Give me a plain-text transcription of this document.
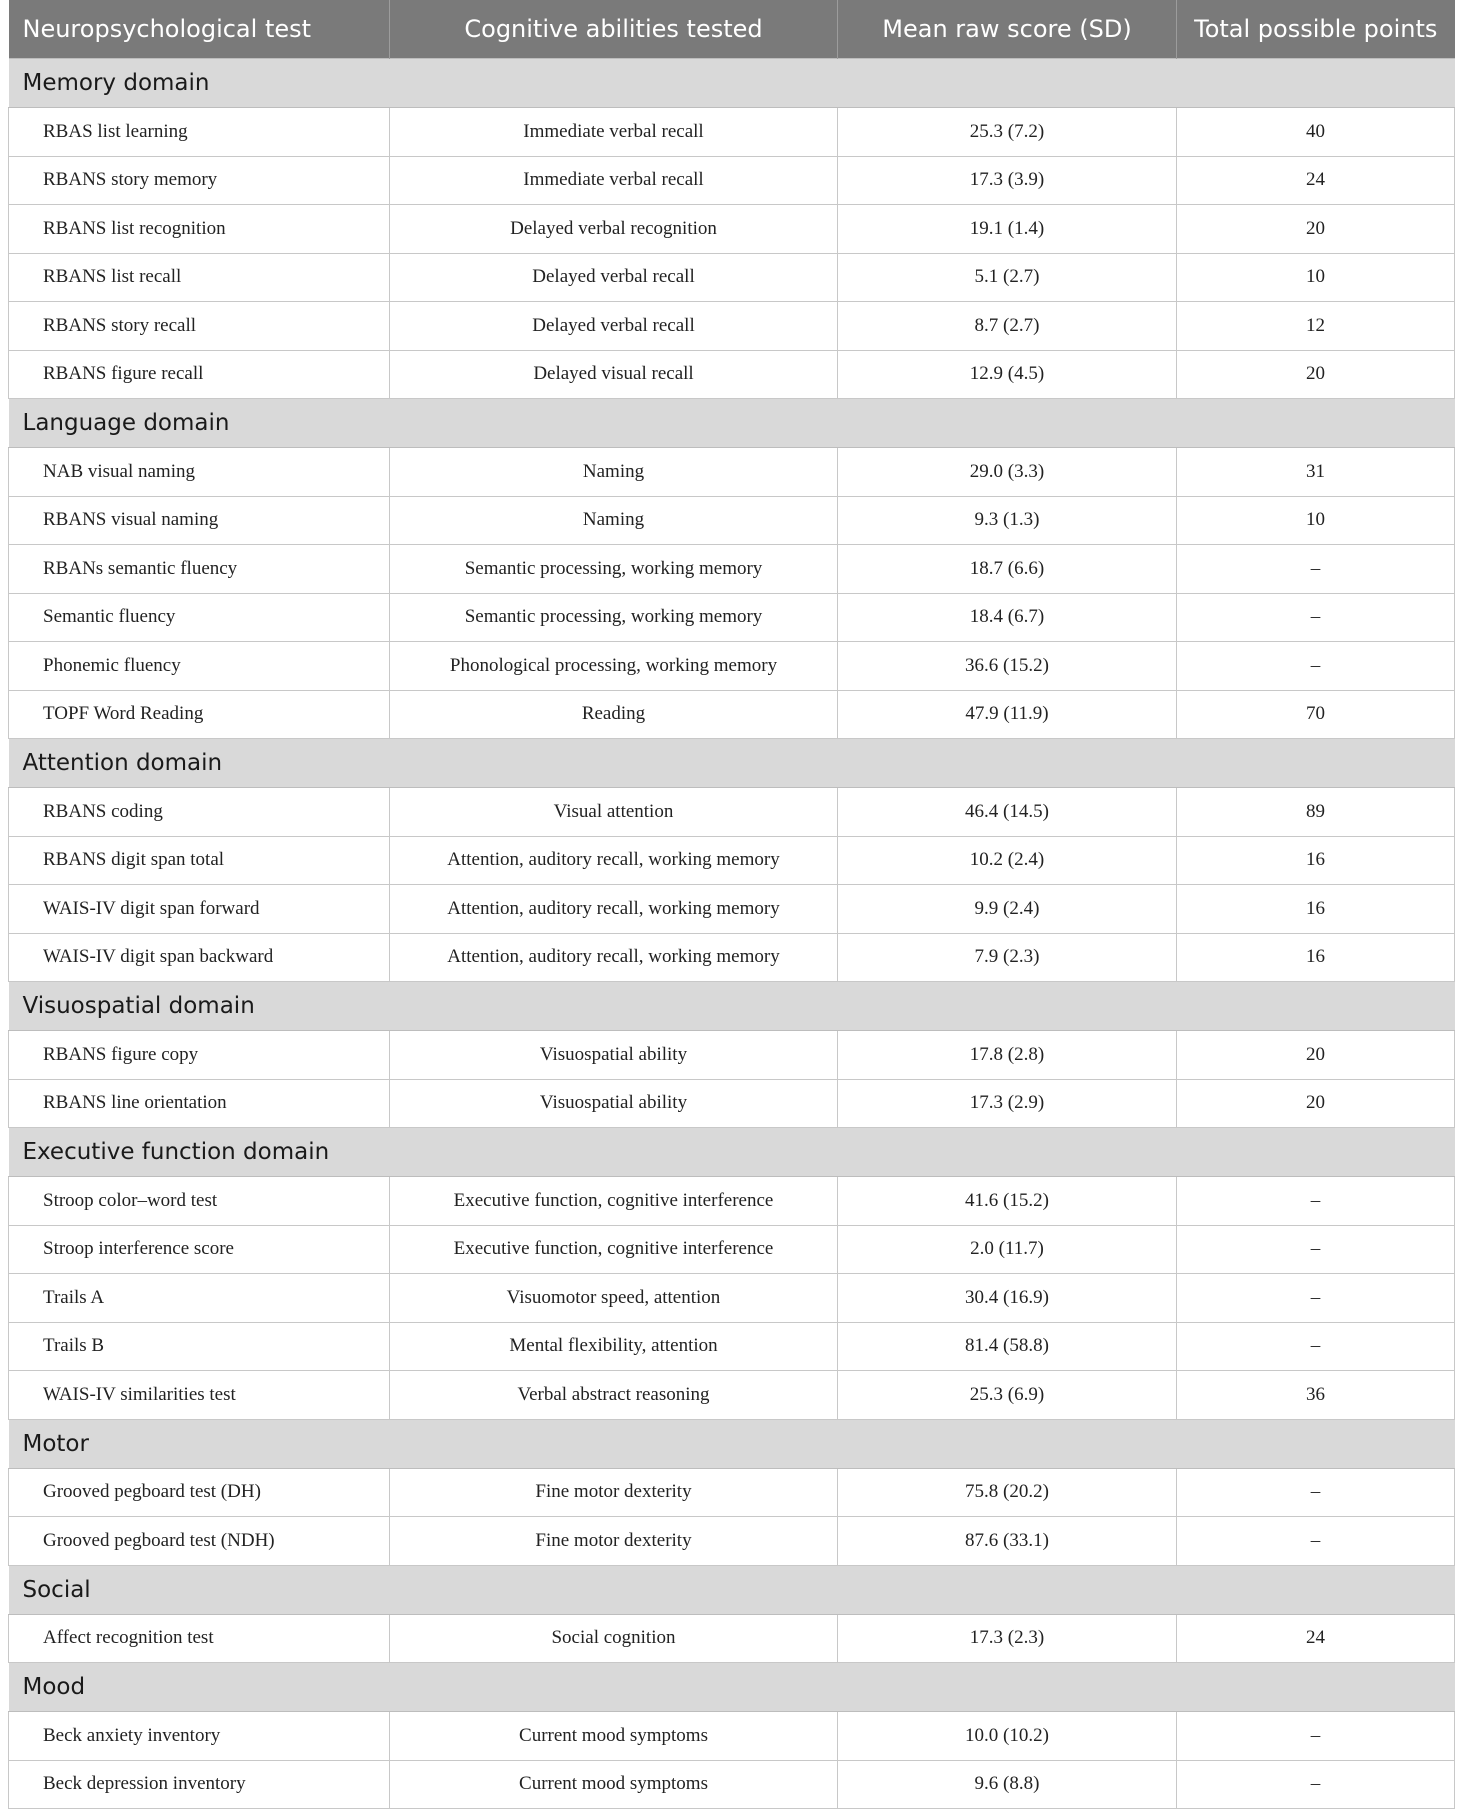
Neuropsychological test	Cognitive abilities tested	Mean raw score (SD)	Total possible points
Memory domain			
RBAS list learning	Immediate verbal recall	25.3 (7.2)	40
RBANS story memory	Immediate verbal recall	17.3 (3.9)	24
RBANS list recognition	Delayed verbal recognition	19.1 (1.4)	20
RBANS list recall	Delayed verbal recall	5.1 (2.7)	10
RBANS story recall	Delayed verbal recall	8.7 (2.7)	12
RBANS figure recall	Delayed visual recall	12.9 (4.5)	20
Language domain			
NAB visual naming	Naming	29.0 (3.3)	31
RBANS visual naming	Naming	9.3 (1.3)	10
RBANs semantic fluency	Semantic processing, working memory	18.7 (6.6)	–
Semantic fluency	Semantic processing, working memory	18.4 (6.7)	–
Phonemic fluency	Phonological processing, working memory	36.6 (15.2)	–
TOPF Word Reading	Reading	47.9 (11.9)	70
Attention domain			
RBANS coding	Visual attention	46.4 (14.5)	89
RBANS digit span total	Attention, auditory recall, working memory	10.2 (2.4)	16
WAIS-IV digit span forward	Attention, auditory recall, working memory	9.9 (2.4)	16
WAIS-IV digit span backward	Attention, auditory recall, working memory	7.9 (2.3)	16
Visuospatial domain			
RBANS figure copy	Visuospatial ability	17.8 (2.8)	20
RBANS line orientation	Visuospatial ability	17.3 (2.9)	20
Executive function domain			
Stroop color–word test	Executive function, cognitive interference	41.6 (15.2)	–
Stroop interference score	Executive function, cognitive interference	2.0 (11.7)	–
Trails A	Visuomotor speed, attention	30.4 (16.9)	–
Trails B	Mental flexibility, attention	81.4 (58.8)	–
WAIS-IV similarities test	Verbal abstract reasoning	25.3 (6.9)	36
Motor			
Grooved pegboard test (DH)	Fine motor dexterity	75.8 (20.2)	–
Grooved pegboard test (NDH)	Fine motor dexterity	87.6 (33.1)	–
Social			
Affect recognition test	Social cognition	17.3 (2.3)	24
Mood			
Beck anxiety inventory	Current mood symptoms	10.0 (10.2)	–
Beck depression inventory	Current mood symptoms	9.6 (8.8)	–
